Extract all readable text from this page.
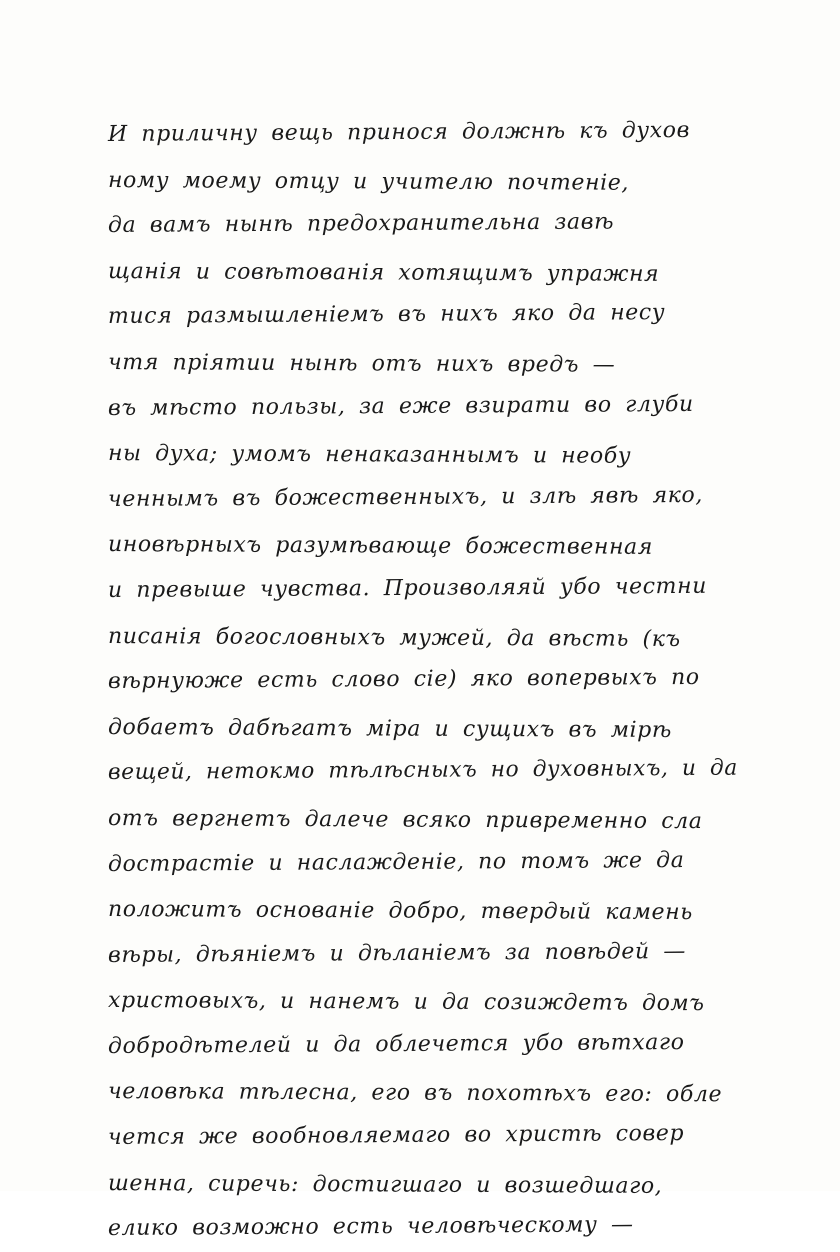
И приличну вещь принося должнѣ къ духов
ному моему отцу и учителю почтенiе,
да вамъ нынѣ предохранительна завѣ
щанiя и совѣтованiя хотящимъ упражня
тися размышленiемъ въ нихъ яко да несу
чтя прiятии нынѣ отъ нихъ вредъ —
въ мѣсто пользы, за еже взирати во глуби
ны духа; умомъ ненаказаннымъ и необу
ченнымъ въ божественныхъ, и злѣ явѣ яко,
иновѣрныхъ разумѣвающе божественная
и превыше чувства. Произволяяй убо честни
писанiя богословныхъ мужей, да вѣсть (къ
вѣрнуюже есть слово сiе) яко вопервыхъ по
добаетъ дабѣгатъ мiра и сущихъ въ мiрѣ
вещей, нетокмо тѣлѣсныхъ но духовныхъ, и да
отъ вергнетъ далече всяко привременно сла
дострастiе и наслажденiе, по томъ же да
положитъ основанiе добро, твердый камень
вѣры, дѣянiемъ и дѣланiемъ за повѣдей —
христовыхъ, и нанемъ и да созиждетъ домъ
добродѣтелей и да облечется убо вѣтхаго
человѣка тѣлесна, его въ похотѣхъ его: обле
чется же вообновляемаго во христѣ совер
шенна, сиречь: достигшаго и возшедшаго,
елико возможно есть человѣческому —
